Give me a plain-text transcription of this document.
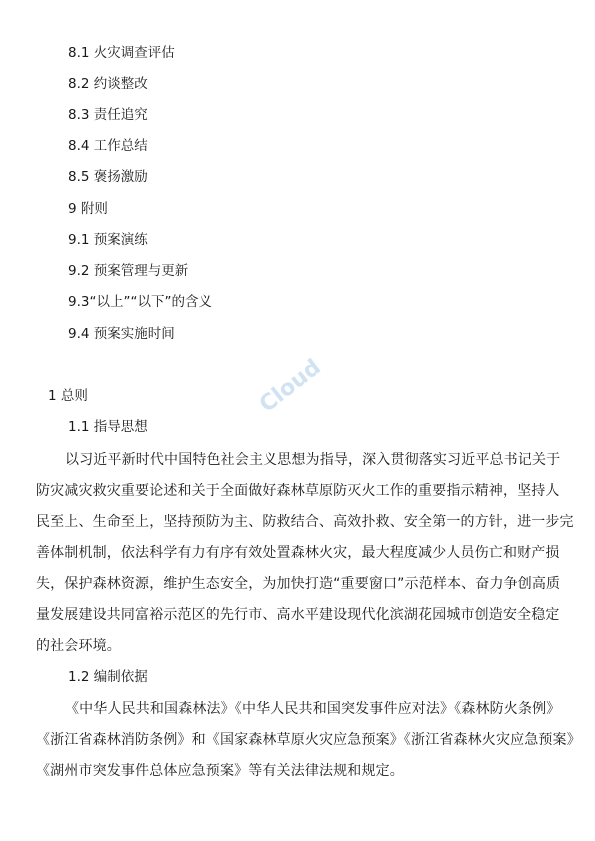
Cloud
8.1 火灾调查评估
8.2 约谈整改
8.3 责任追究
8.4 工作总结
8.5 褒扬激励
9 附则
9.1 预案演练
9.2 预案管理与更新
9.3“以上”“以下”的含义
9.4 预案实施时间
1 总则
1.1 指导思想
以习近平新时代中国特色社会主义思想为指导，深入贯彻落实习近平总书记关于
防灾减灾救灾重要论述和关于全面做好森林草原防灭火工作的重要指示精神，坚持人
民至上、生命至上，坚持预防为主、防救结合、高效扑救、安全第一的方针，进一步完
善体制机制，依法科学有力有序有效处置森林火灾，最大程度减少人员伤亡和财产损
失，保护森林资源，维护生态安全，为加快打造“重要窗口”示范样本、奋力争创高质
量发展建设共同富裕示范区的先行市、高水平建设现代化滨湖花园城市创造安全稳定
的社会环境。
1.2 编制依据
《中华人民共和国森林法》《中华人民共和国突发事件应对法》《森林防火条例》
《浙江省森林消防条例》和《国家森林草原火灾应急预案》《浙江省森林火灾应急预案》
《湖州市突发事件总体应急预案》等有关法律法规和规定。
